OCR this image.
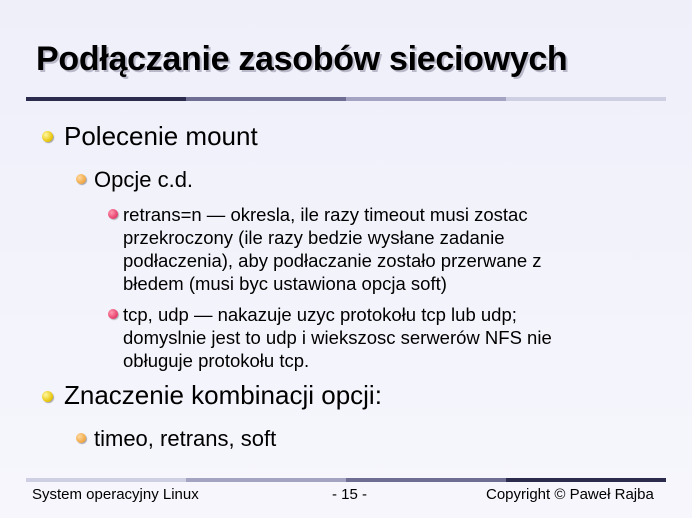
Podłączanie zasobów sieciowych
Polecenie mount
Opcje c.d.
retrans=n — okresla, ile razy timeout musi zostac
przekroczony (ile razy bedzie wysłane zadanie
podłaczenia), aby podłaczanie zostało przerwane z
błedem (musi byc ustawiona opcja soft)
tcp, udp — nakazuje uzyc protokołu tcp lub udp;
domyslnie jest to udp i wiekszosc serwerów NFS nie
obługuje protokołu tcp.
Znaczenie kombinacji opcji:
timeo, retrans, soft
System operacyjny Linux	- 15 -	Copyright © Paweł Rajba
